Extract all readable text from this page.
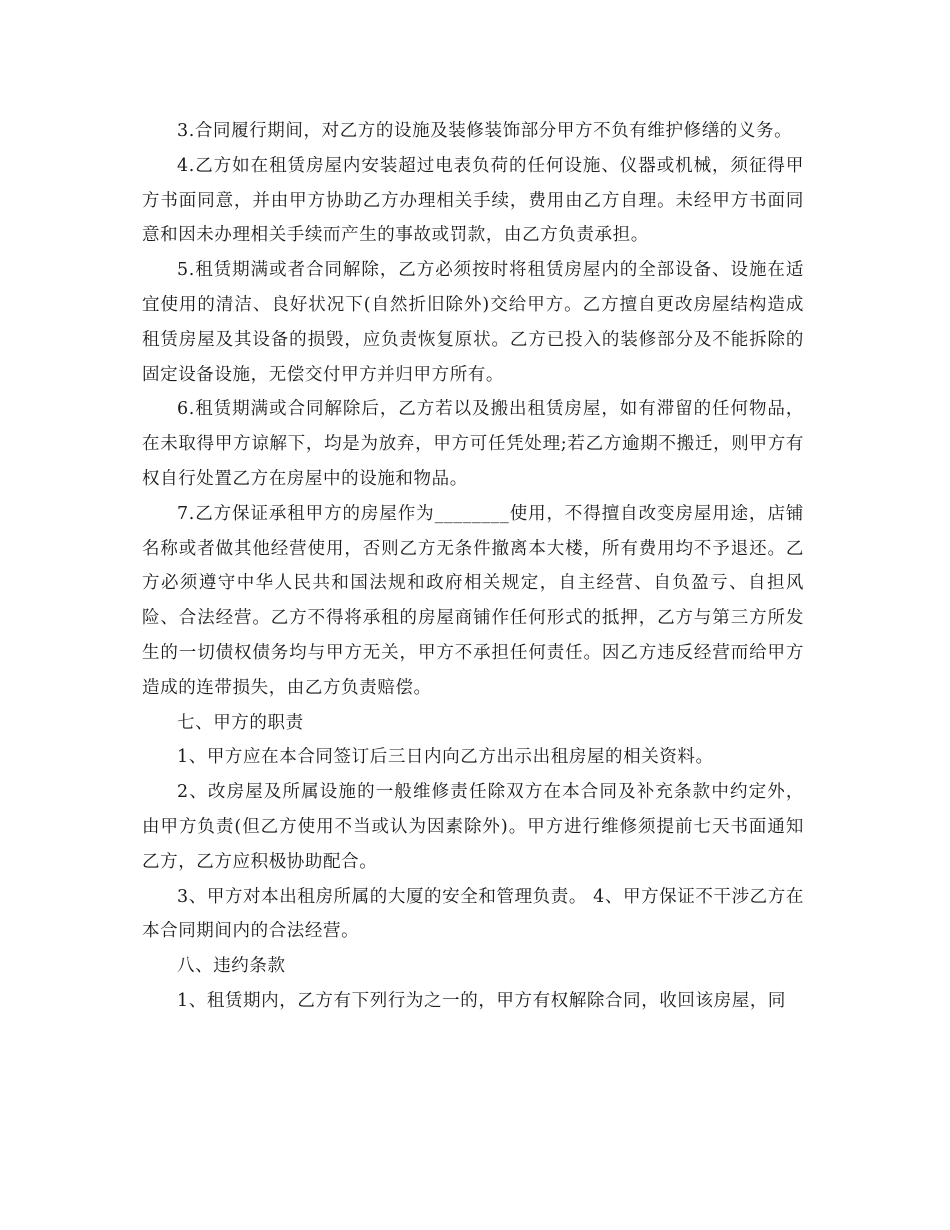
3.合同履行期间，对乙方的设施及装修装饰部分甲方不负有维护修缮的义务。

4.乙方如在租赁房屋内安装超过电表负荷的任何设施、仪器或机械，须征得甲方书面同意，并由甲方协助乙方办理相关手续，费用由乙方自理。未经甲方书面同意和因未办理相关手续而产生的事故或罚款，由乙方负责承担。

5.租赁期满或者合同解除，乙方必须按时将租赁房屋内的全部设备、设施在适宜使用的清洁、良好状况下(自然折旧除外)交给甲方。乙方擅自更改房屋结构造成租赁房屋及其设备的损毁，应负责恢复原状。乙方已投入的装修部分及不能拆除的固定设备设施，无偿交付甲方并归甲方所有。

6.租赁期满或合同解除后，乙方若以及搬出租赁房屋，如有滞留的任何物品，在未取得甲方谅解下，均是为放弃，甲方可任凭处理;若乙方逾期不搬迁，则甲方有权自行处置乙方在房屋中的设施和物品。

7.乙方保证承租甲方的房屋作为________使用，不得擅自改变房屋用途，店铺名称或者做其他经营使用，否则乙方无条件撤离本大楼，所有费用均不予退还。乙方必须遵守中华人民共和国法规和政府相关规定，自主经营、自负盈亏、自担风险、合法经营。乙方不得将承租的房屋商铺作任何形式的抵押，乙方与第三方所发生的一切债权债务均与甲方无关，甲方不承担任何责任。因乙方违反经营而给甲方造成的连带损失，由乙方负责赔偿。

七、甲方的职责

1、甲方应在本合同签订后三日内向乙方出示出租房屋的相关资料。

2、改房屋及所属设施的一般维修责任除双方在本合同及补充条款中约定外，由甲方负责(但乙方使用不当或认为因素除外)。甲方进行维修须提前七天书面通知乙方，乙方应积极协助配合。

3、甲方对本出租房所属的大厦的安全和管理负责。 4、甲方保证不干涉乙方在本合同期间内的合法经营。

八、违约条款

1、租赁期内，乙方有下列行为之一的，甲方有权解除合同，收回该房屋，同
